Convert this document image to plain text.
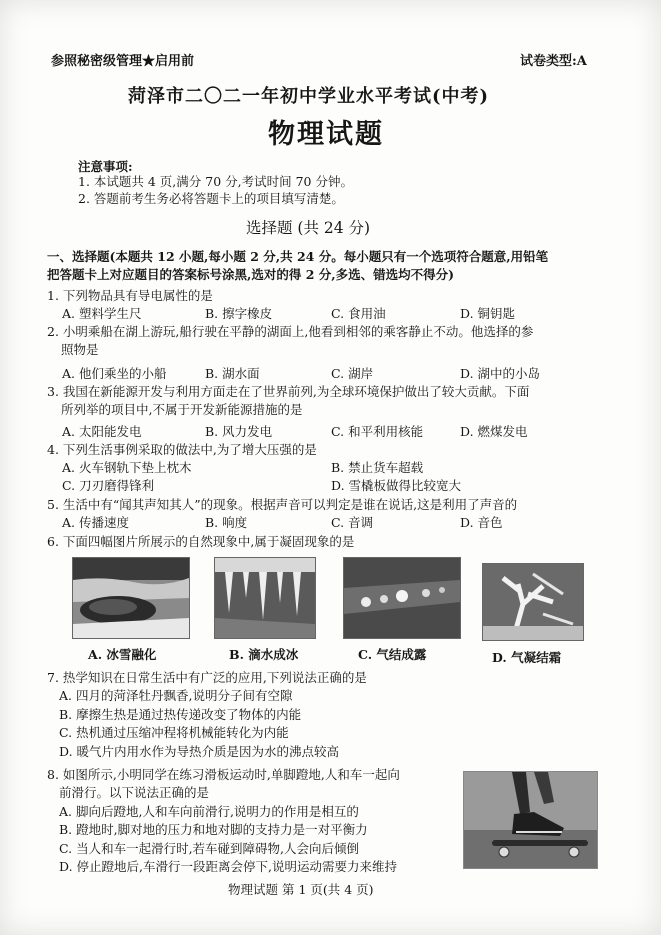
参照秘密级管理★启用前	试卷类型:A
菏泽市二〇二一年初中学业水平考试(中考)
物理试题
注意事项:
1. 本试题共 4 页,满分 70 分,考试时间 70 分钟。
2. 答题前考生务必将答题卡上的项目填写清楚。
选择题 (共 24 分)
一、选择题(本题共 12 小题,每小题 2 分,共 24 分。每小题只有一个选项符合题意,用铅笔
把答题卡上对应题目的答案标号涂黑,选对的得 2 分,多选、错选均不得分)
1. 下列物品具有导电属性的是
A. 塑料学生尺	B. 擦字橡皮	C. 食用油	D. 铜钥匙
2. 小明乘船在湖上游玩,船行驶在平静的湖面上,他看到相邻的乘客静止不动。他选择的参
照物是
A. 他们乘坐的小船	B. 湖水面	C. 湖岸	D. 湖中的小岛
3. 我国在新能源开发与利用方面走在了世界前列,为全球环境保护做出了较大贡献。下面
所列举的项目中,不属于开发新能源措施的是
A. 太阳能发电	B. 风力发电	C. 和平利用核能	D. 燃煤发电
4. 下列生活事例采取的做法中,为了增大压强的是
A. 火车钢轨下垫上枕木	B. 禁止货车超载
C. 刀刃磨得锋利	D. 雪橇板做得比较宽大
5. 生活中有“闻其声知其人”的现象。根据声音可以判定是谁在说话,这是利用了声音的
A. 传播速度	B. 响度	C. 音调	D. 音色
6. 下面四幅图片所展示的自然现象中,属于凝固现象的是
A. 冰雪融化	B. 滴水成冰	C. 气结成露	D. 气凝结霜
7. 热学知识在日常生活中有广泛的应用,下列说法正确的是
A. 四月的菏泽牡丹飘香,说明分子间有空隙
B. 摩擦生热是通过热传递改变了物体的内能
C. 热机通过压缩冲程将机械能转化为内能
D. 暖气片内用水作为导热介质是因为水的沸点较高
8. 如图所示,小明同学在练习滑板运动时,单脚蹬地,人和车一起向
前滑行。以下说法正确的是
A. 脚向后蹬地,人和车向前滑行,说明力的作用是相互的
B. 蹬地时,脚对地的压力和地对脚的支持力是一对平衡力
C. 当人和车一起滑行时,若车碰到障碍物,人会向后倾倒
D. 停止蹬地后,车滑行一段距离会停下,说明运动需要力来维持
物理试题 第 1 页(共 4 页)
